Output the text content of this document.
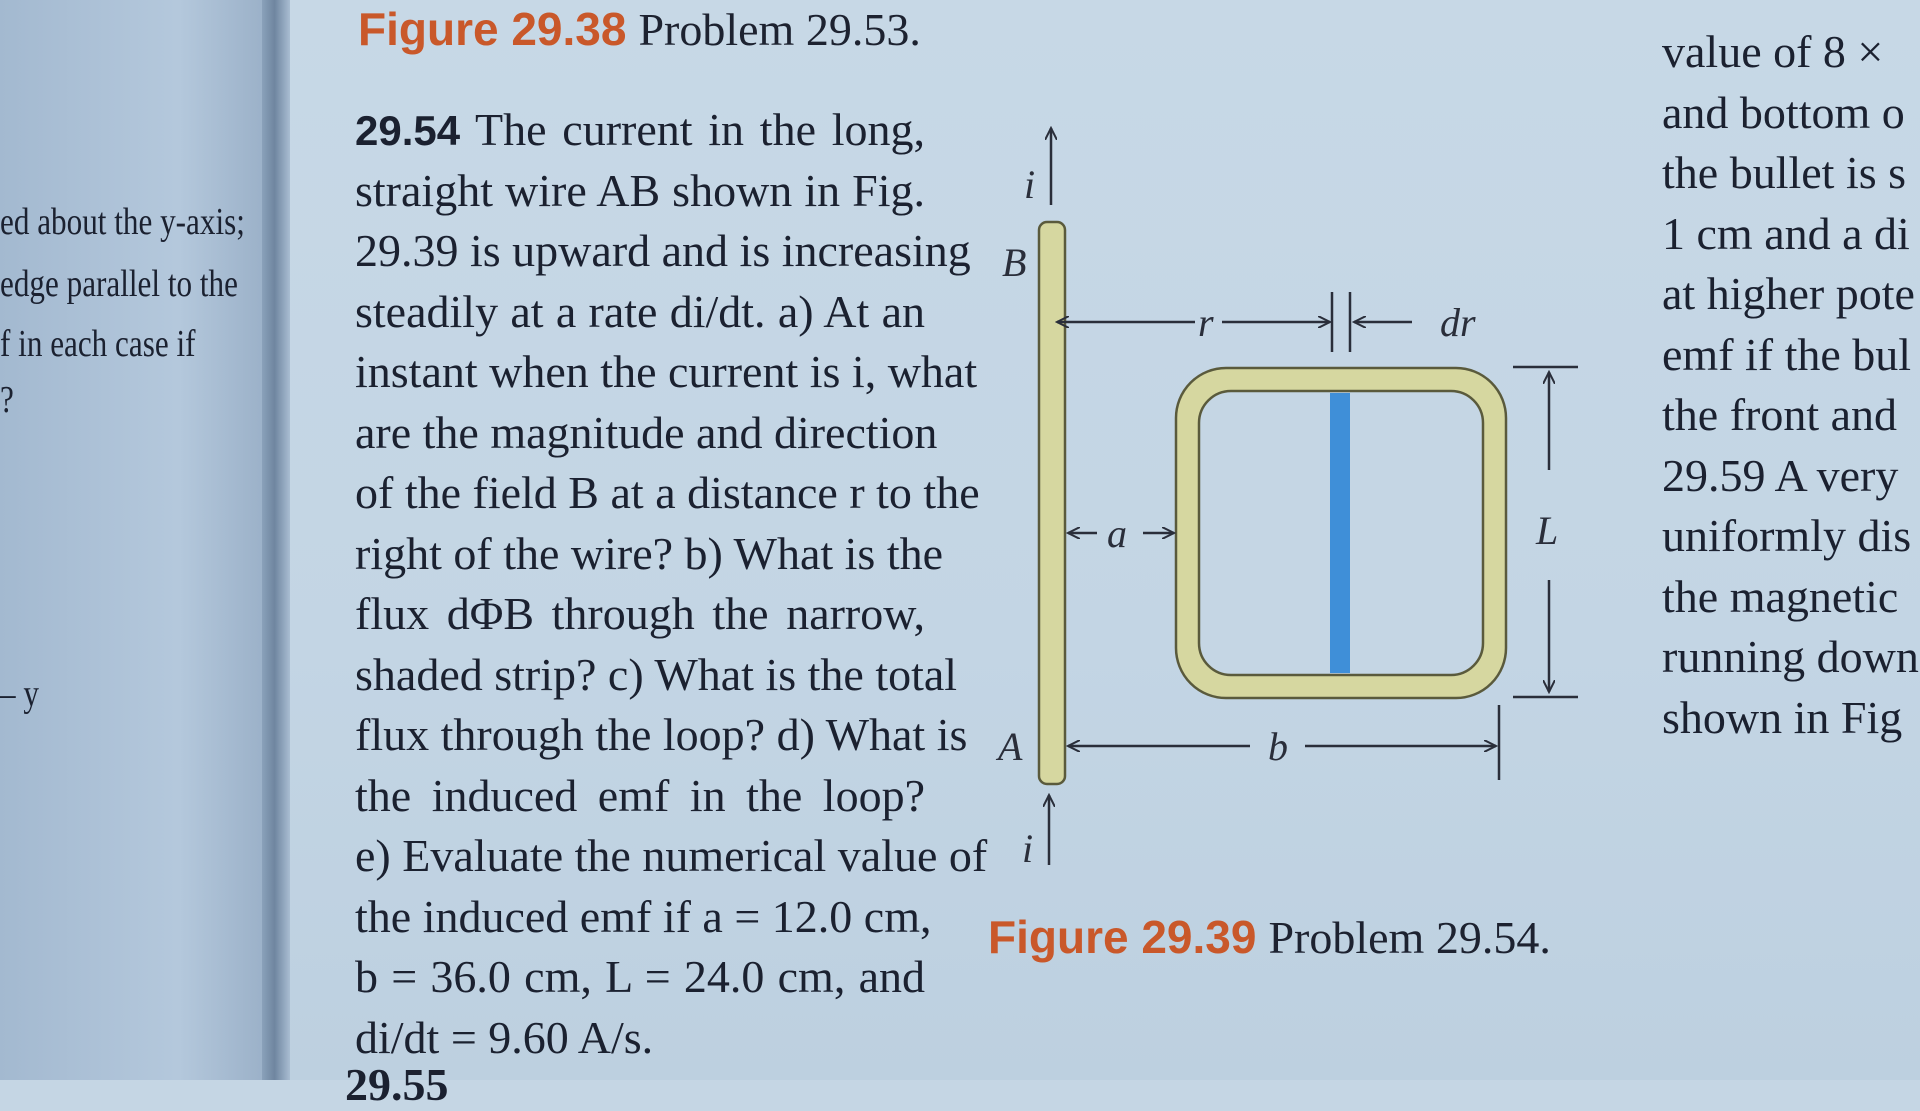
ed about the y-axis;
edge parallel to the
f in each case if
?
– y
Figure 29.38 Problem 29.53.
29.54 The current in the long,
straight wire AB shown in Fig.
29.39 is upward and is increasing
steadily at a rate di/dt. a) At an
instant when the current is i, what
are the magnitude and direction
of the field B at a distance r to the
right of the wire? b) What is the
flux dΦB through the narrow,
shaded strip? c) What is the total
flux through the loop? d) What is
the induced emf in the loop?
e) Evaluate the numerical value of
the induced emf if a = 12.0 cm,
b = 36.0 cm, L = 24.0 cm, and
di/dt = 9.60 A/s.
i
i
B
A
r	dr
a
b
L
Figure 29.39 Problem 29.54.
value of 8 ×
and bottom o
the bullet is s
1 cm and a di
at higher pote
emf if the bul
the front and
29.59 A very
uniformly dis
the magnetic
running down
shown in Fig
29.55
